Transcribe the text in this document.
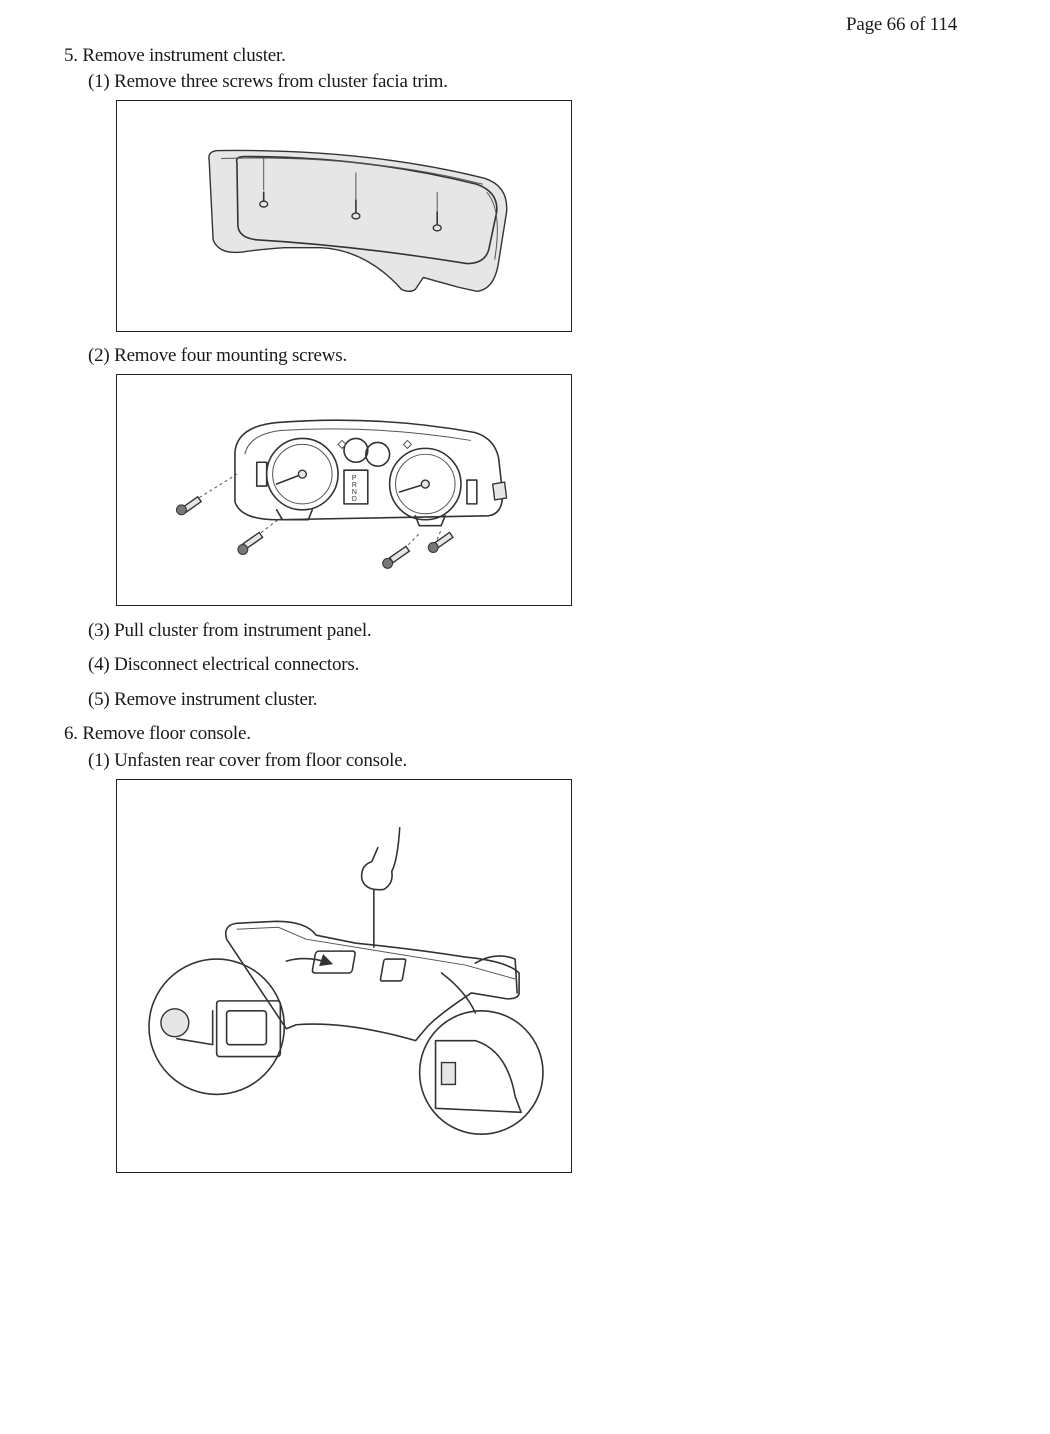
Page 66 of 114
5. Remove instrument cluster.
(1) Remove three screws from cluster facia trim.
(2) Remove four mounting screws.
P
R
N
D
(3) Pull cluster from instrument panel.
(4) Disconnect electrical connectors.
(5) Remove instrument cluster.
6. Remove floor console.
(1) Unfasten rear cover from floor console.
